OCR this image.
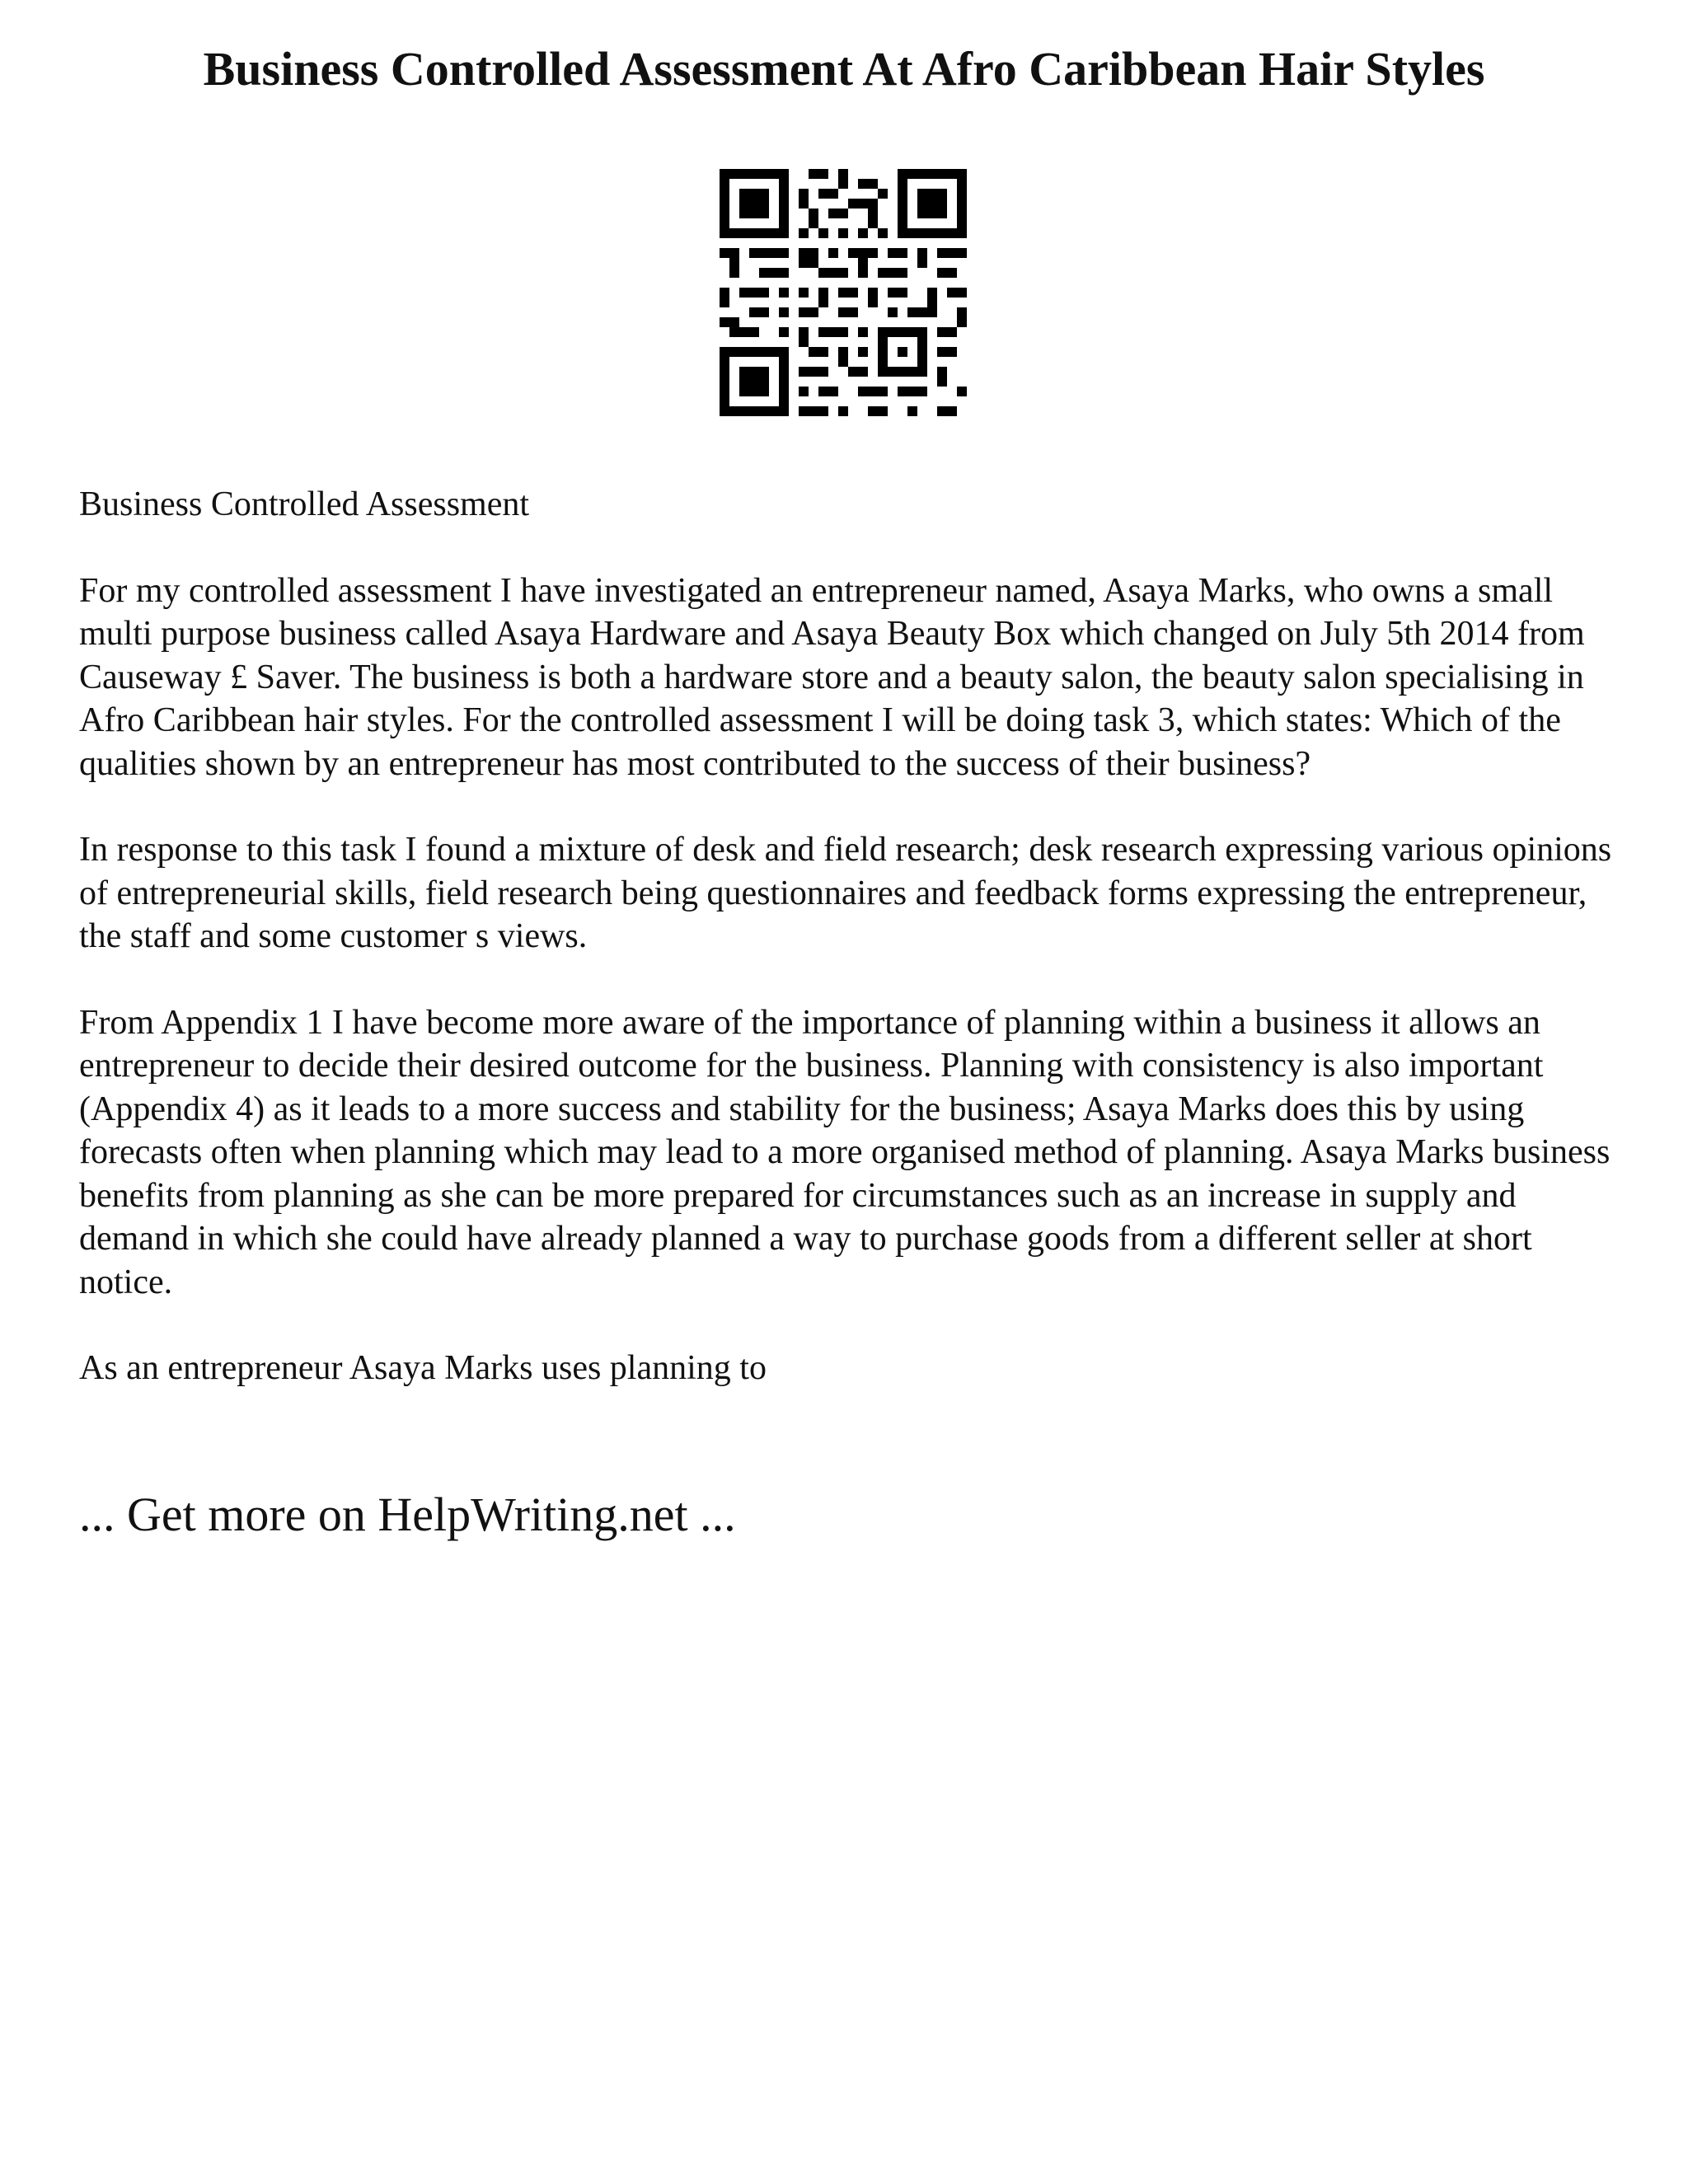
Business Controlled Assessment At Afro Caribbean Hair Styles

Business Controlled Assessment

For my controlled assessment I have investigated an entrepreneur named, Asaya Marks, who owns a small multi purpose business called Asaya Hardware and Asaya Beauty Box which changed on July 5th 2014 from Causeway £ Saver. The business is both a hardware store and a beauty salon, the beauty salon specialising in Afro Caribbean hair styles. For the controlled assessment I will be doing task 3, which states: Which of the qualities shown by an entrepreneur has most contributed to the success of their business?

In response to this task I found a mixture of desk and field research; desk research expressing various opinions of entrepreneurial skills, field research being questionnaires and feedback forms expressing the entrepreneur, the staff and some customer s views.

From Appendix 1 I have become more aware of the importance of planning within a business it allows an entrepreneur to decide their desired outcome for the business. Planning with consistency is also important (Appendix 4) as it leads to a more success and stability for the business; Asaya Marks does this by using forecasts often when planning which may lead to a more organised method of planning. Asaya Marks business benefits from planning as she can be more prepared for circumstances such as an increase in supply and demand in which she could have already planned a way to purchase goods from a different seller at short notice.

As an entrepreneur Asaya Marks uses planning to

... Get more on HelpWriting.net ...
